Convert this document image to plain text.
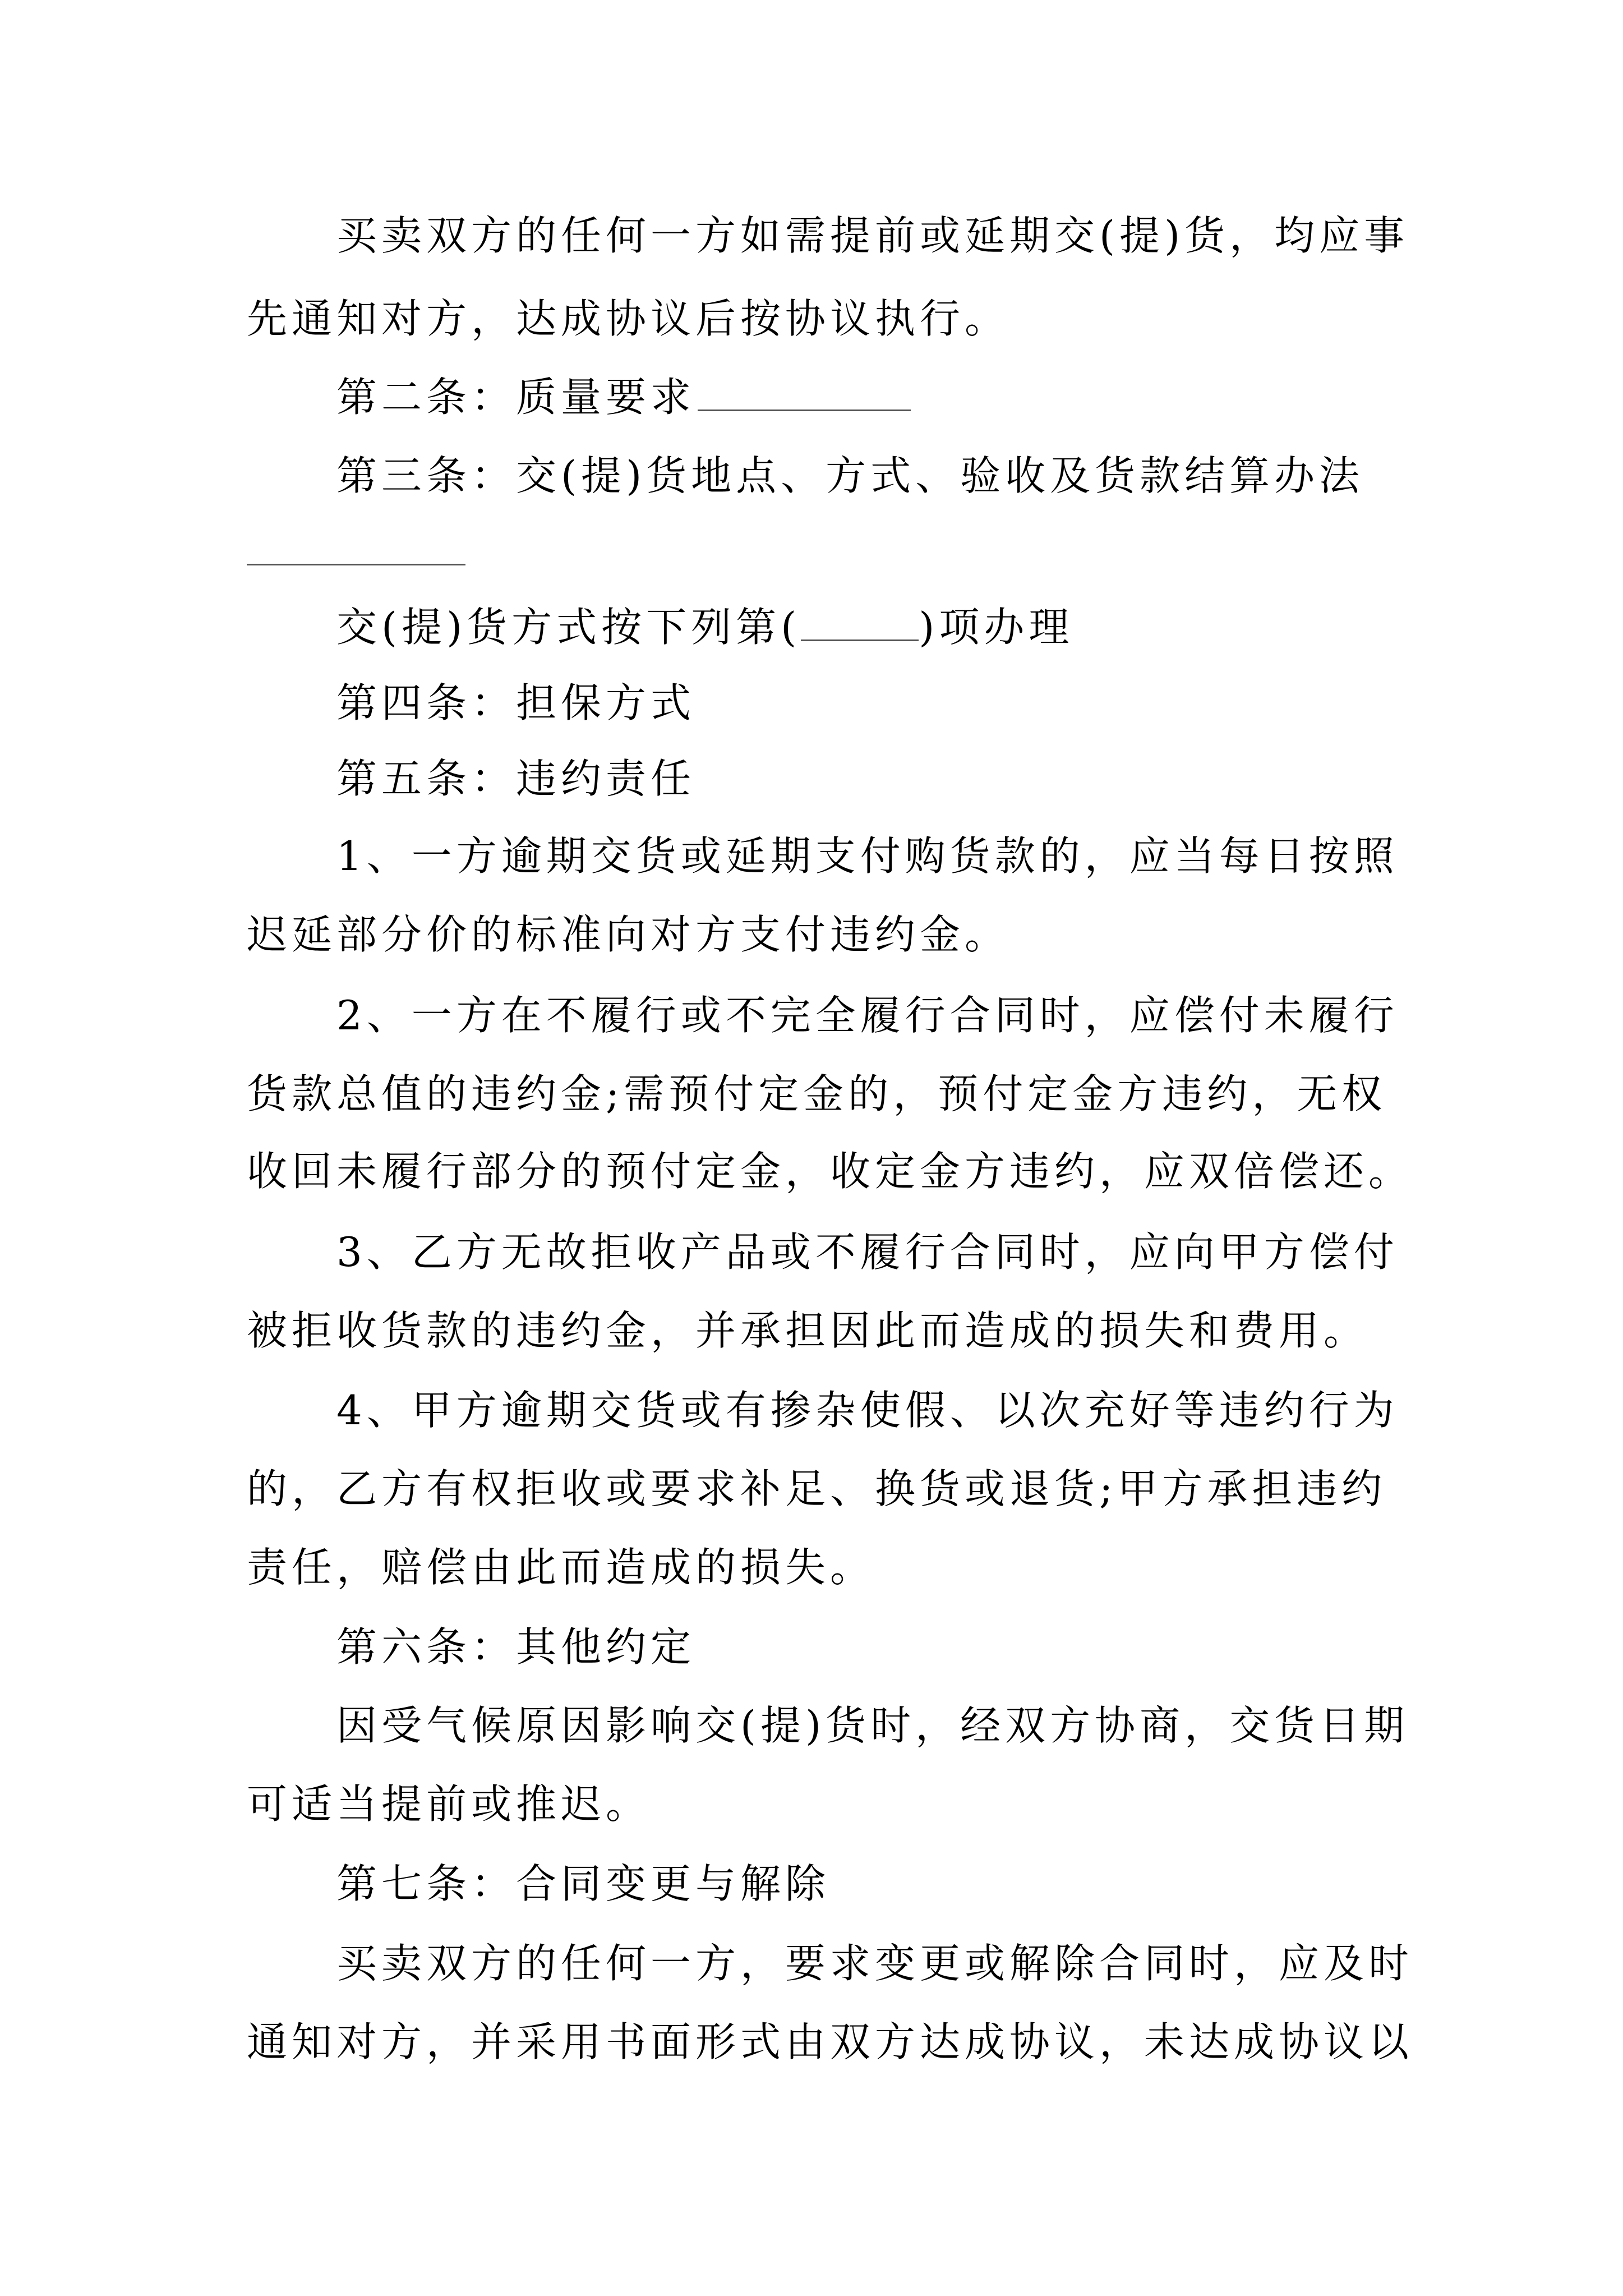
买卖双方的任何一方如需提前或延期交(提)货，均应事
先通知对方，达成协议后按协议执行。
第二条：质量要求
第三条：交(提)货地点、方式、验收及货款结算办法
交(提)货方式按下列第(	)项办理
第四条：担保方式
第五条：违约责任
1、一方逾期交货或延期支付购货款的，应当每日按照
迟延部分价的标准向对方支付违约金。
2、一方在不履行或不完全履行合同时，应偿付未履行
货款总值的违约金;需预付定金的，预付定金方违约，无权
收回未履行部分的预付定金，收定金方违约，应双倍偿还。
3、乙方无故拒收产品或不履行合同时，应向甲方偿付
被拒收货款的违约金，并承担因此而造成的损失和费用。
4、甲方逾期交货或有掺杂使假、以次充好等违约行为
的，乙方有权拒收或要求补足、换货或退货;甲方承担违约
责任，赔偿由此而造成的损失。
第六条：其他约定
因受气候原因影响交(提)货时，经双方协商，交货日期
可适当提前或推迟。
第七条：合同变更与解除
买卖双方的任何一方，要求变更或解除合同时，应及时
通知对方，并采用书面形式由双方达成协议，未达成协议以
